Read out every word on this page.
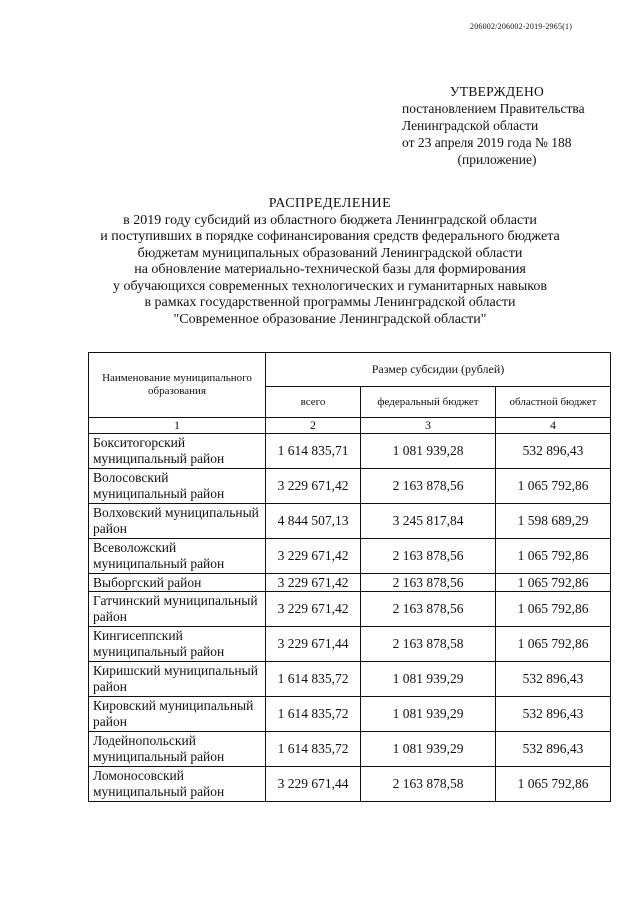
206002/206002-2019-2965(1)
УТВЕРЖДЕНО
постановлением Правительства
Ленинградской области
от 23 апреля 2019 года № 188
(приложение)
РАСПРЕДЕЛЕНИЕ
в 2019 году субсидий из областного бюджета Ленинградской области
и поступивших в порядке софинансирования средств федерального бюджета
бюджетам муниципальных образований Ленинградской области
на обновление материально-технической базы для формирования
у обучающихся современных технологических и гуманитарных навыков
в рамках государственной программы Ленинградской области
"Современное образование Ленинградской области"
Наименование муниципального образования	Размер субсидии (рублей)		
	всего	федеральный бюджет	областной бюджет
1	2	3	4
Бокситогорский муниципальный район	1 614 835,71	1 081 939,28	532 896,43
Волосовский муниципальный район	3 229 671,42	2 163 878,56	1 065 792,86
Волховский муниципальный район	4 844 507,13	3 245 817,84	1 598 689,29
Всеволожский муниципальный район	3 229 671,42	2 163 878,56	1 065 792,86
Выборгский район	3 229 671,42	2 163 878,56	1 065 792,86
Гатчинский муниципальный район	3 229 671,42	2 163 878,56	1 065 792,86
Кингисеппский муниципальный район	3 229 671,44	2 163 878,58	1 065 792,86
Киришский муниципальный район	1 614 835,72	1 081 939,29	532 896,43
Кировский муниципальный район	1 614 835,72	1 081 939,29	532 896,43
Лодейнопольский муниципальный район	1 614 835,72	1 081 939,29	532 896,43
Ломоносовский муниципальный район	3 229 671,44	2 163 878,58	1 065 792,86
